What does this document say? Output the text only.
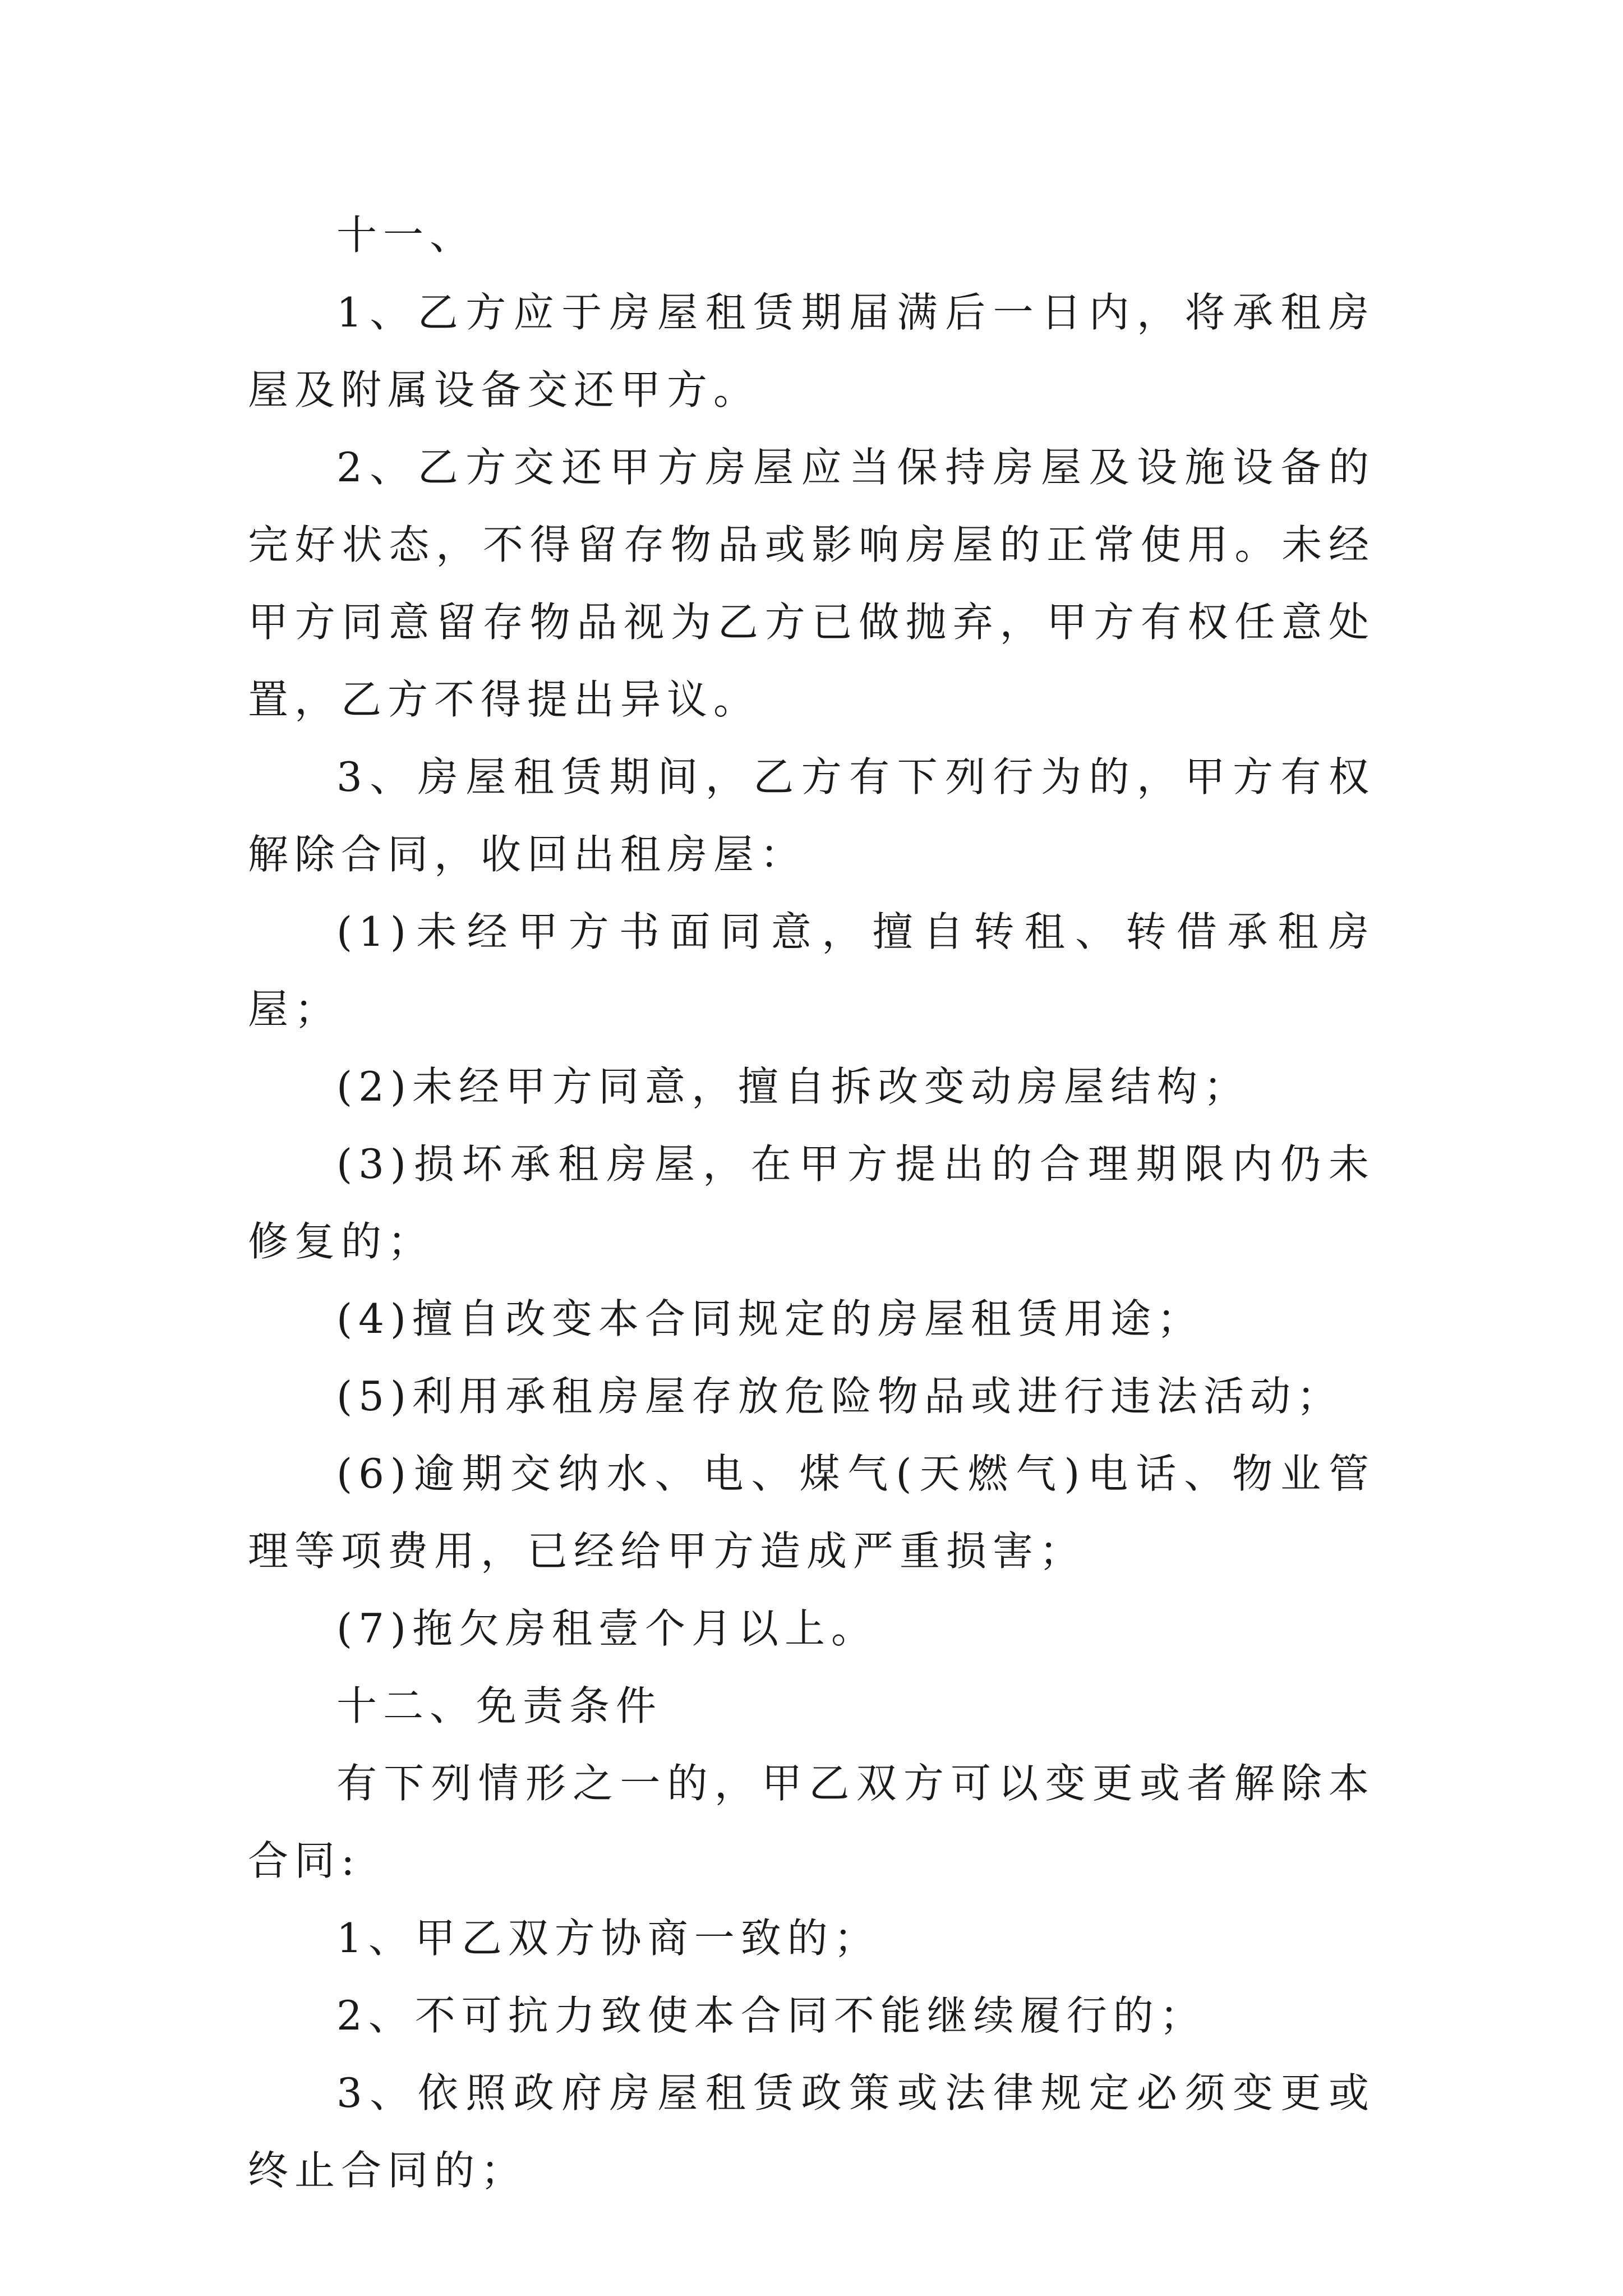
十一、

1、乙方应于房屋租赁期届满后一日内，将承租房屋及附属设备交还甲方。

2、乙方交还甲方房屋应当保持房屋及设施设备的完好状态，不得留存物品或影响房屋的正常使用。未经甲方同意留存物品视为乙方已做抛弃，甲方有权任意处置，乙方不得提出异议。

3、房屋租赁期间，乙方有下列行为的，甲方有权解除合同，收回出租房屋：

(1)未经甲方书面同意，擅自转租、转借承租房屋；

(2)未经甲方同意，擅自拆改变动房屋结构；

(3)损坏承租房屋，在甲方提出的合理期限内仍未修复的；

(4)擅自改变本合同规定的房屋租赁用途；

(5)利用承租房屋存放危险物品或进行违法活动；

(6)逾期交纳水、电、煤气(天燃气)电话、物业管理等项费用，已经给甲方造成严重损害；

(7)拖欠房租壹个月以上。

十二、免责条件

有下列情形之一的，甲乙双方可以变更或者解除本合同:

1、甲乙双方协商一致的；

2、不可抗力致使本合同不能继续履行的；

3、依照政府房屋租赁政策或法律规定必须变更或终止合同的；
